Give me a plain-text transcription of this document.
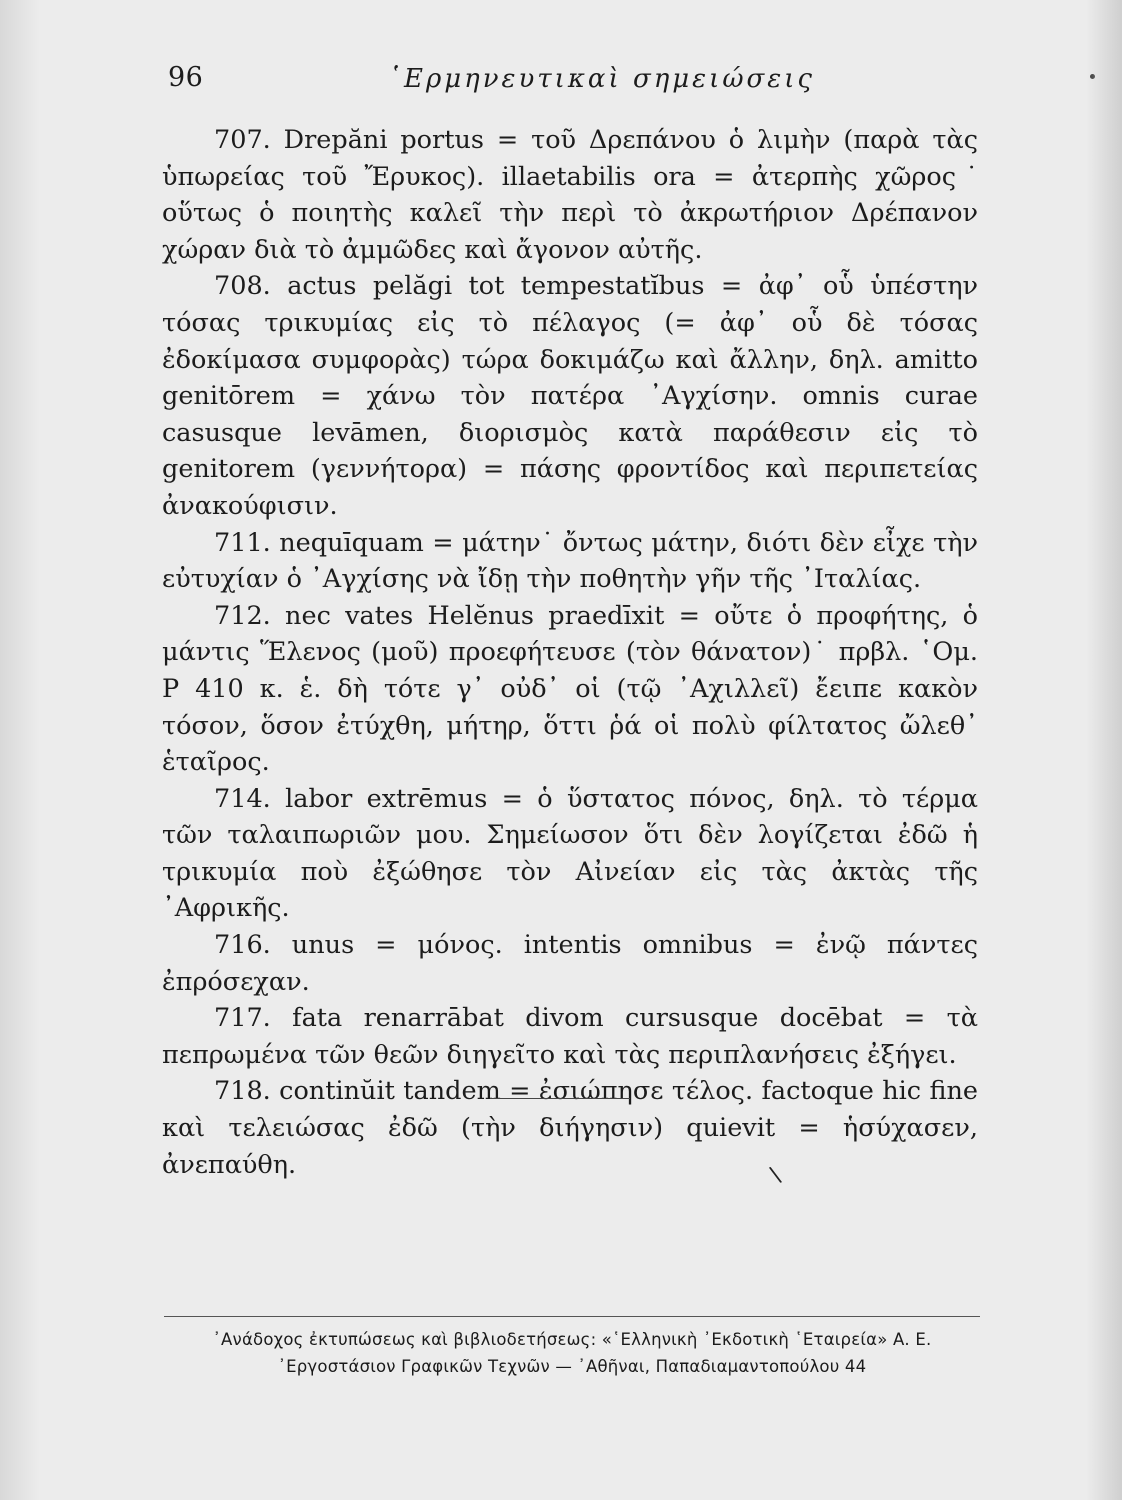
96	῾Ερμηνευτικαὶ σημειώσεις

707. Drepăni portus = τοῦ Δρεπάνου ὁ λιμὴν (παρὰ τὰς ὑπωρείας τοῦ Ἔρυκος). illaetabilis ora = ἀτερπὴς χῶρος˙ οὕτως ὁ ποιητὴς καλεῖ τὴν περὶ τὸ ἀκρωτήριον Δρέπανον χώραν διὰ τὸ ἀμμῶδες καὶ ἄγονον αὐτῆς.

708. actus pelăgi tot tempestatĭbus = ἀφ᾽ οὗ ὑπέστην τόσας τρικυμίας εἰς τὸ πέλαγος (= ἀφ᾽ οὗ δὲ τόσας ἐδοκίμασα συμφορὰς) τώρα δοκιμάζω καὶ ἄλλην, δηλ. amitto genitōrem = χάνω τὸν πατέρα ᾽Αγχίσην. omnis curae casusque levāmen, διορισμὸς κατὰ παράθεσιν εἰς τὸ genitorem (γεννήτορα) = πάσης φροντίδος καὶ περιπετείας ἀνακούφισιν.

711. nequīquam = μάτην˙ ὄντως μάτην, διότι δὲν εἶχε τὴν εὐτυχίαν ὁ ᾽Αγχίσης νὰ ἴδῃ τὴν ποθητὴν γῆν τῆς ᾽Ιταλίας.

712. nec vates Helĕnus praedīxit = οὔτε ὁ προφήτης, ὁ μάντις Ἕλενος (μοῦ) προεφήτευσε (τὸν θάνατον)˙ πρβλ. ῾Ομ. Ρ 410 κ. ἑ. δὴ τότε γ᾽ οὐδ᾽ οἱ (τῷ ᾽Αχιλλεῖ) ἔειπε κακὸν τόσον, ὅσον ἐτύχθη, μήτηρ, ὅττι ῥά οἱ πολὺ φίλτατος ὤλεθ᾽ ἑταῖρος.

714. labor extrēmus = ὁ ὕστατος πόνος, δηλ. τὸ τέρμα τῶν ταλαιπωριῶν μου. Σημείωσον ὅτι δὲν λογίζεται ἐδῶ ἡ τρικυμία ποὺ ἐξώθησε τὸν Αἰνείαν εἰς τὰς ἀκτὰς τῆς ᾽Αφρικῆς.

716. unus = μόνος. intentis omnibus = ἐνῷ πάντες ἐπρόσεχαν.

717. fata renarrābat divom cursusque docēbat = τὰ πεπρωμένα τῶν θεῶν διηγεῖτο καὶ τὰς περιπλανήσεις ἐξήγει.

718. continŭit tandem = ἐσιώπησε τέλος. factoque hic fine καὶ τελειώσας ἐδῶ (τὴν διήγησιν) quievit = ἡσύχασεν, ἀνεπαύθη.	\
᾽Ανάδοχος ἐκτυπώσεως καὶ βιβλιοδετήσεως: «῾Ελληνικὴ ᾽Εκδοτικὴ ῾Εταιρεία» Α. Ε.
᾽Εργοστάσιον Γραφικῶν Τεχνῶν — ᾽Αθῆναι, Παπαδιαμαντοπούλου 44
